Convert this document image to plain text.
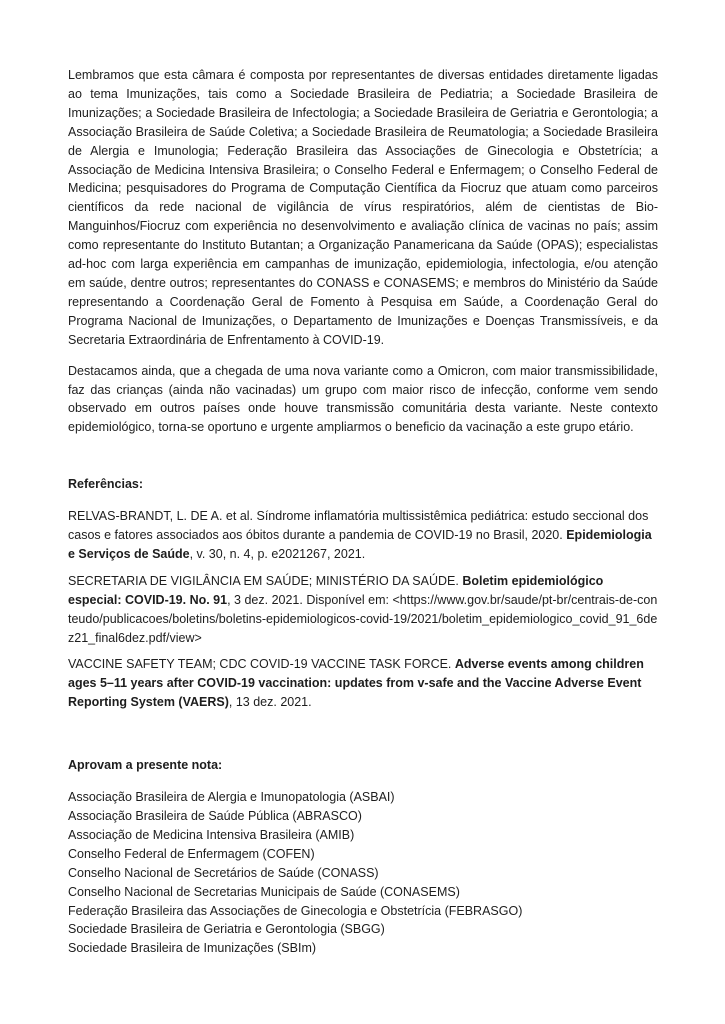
Lembramos que esta câmara é composta por representantes de diversas entidades diretamente ligadas ao tema Imunizações, tais como a Sociedade Brasileira de Pediatria; a Sociedade Brasileira de Imunizações; a Sociedade Brasileira de Infectologia; a Sociedade Brasileira de Geriatria e Gerontologia; a Associação Brasileira de Saúde Coletiva; a Sociedade Brasileira de Reumatologia; a Sociedade Brasileira de Alergia e Imunologia; Federação Brasileira das Associações de Ginecologia e Obstetrícia; a Associação de Medicina Intensiva Brasileira; o Conselho Federal e Enfermagem; o Conselho Federal de Medicina; pesquisadores do Programa de Computação Científica da Fiocruz que atuam como parceiros científicos da rede nacional de vigilância de vírus respiratórios, além de cientistas de Bio-Manguinhos/Fiocruz com experiência no desenvolvimento e avaliação clínica de vacinas no país; assim como representante do Instituto Butantan; a Organização Panamericana da Saúde (OPAS); especialistas ad-hoc com larga experiência em campanhas de imunização, epidemiologia, infectologia, e/ou atenção em saúde, dentre outros; representantes do CONASS e CONASEMS; e membros do Ministério da Saúde representando a Coordenação Geral de Fomento à Pesquisa em Saúde, a Coordenação Geral do Programa Nacional de Imunizações, o Departamento de Imunizações e Doenças Transmissíveis, e da Secretaria Extraordinária de Enfrentamento à COVID-19.

Destacamos ainda, que a chegada de uma nova variante como a Omicron, com maior transmissibilidade, faz das crianças (ainda não vacinadas) um grupo com maior risco de infecção, conforme vem sendo observado em outros países onde houve transmissão comunitária desta variante. Neste contexto epidemiológico, torna-se oportuno e urgente ampliarmos o beneficio da vacinação a este grupo etário.

Referências:

RELVAS-BRANDT, L. DE A. et al. Síndrome inflamatória multissistêmica pediátrica: estudo seccional dos casos e fatores associados aos óbitos durante a pandemia de COVID-19 no Brasil, 2020. Epidemiologia e Serviços de Saúde, v. 30, n. 4, p. e2021267, 2021.

SECRETARIA DE VIGILÂNCIA EM SAÚDE; MINISTÉRIO DA SAÚDE. Boletim epidemiológico especial: COVID-19. No. 91, 3 dez. 2021. Disponível em: <https://www.gov.br/saude/pt-br/centrais-de-conteudo/publicacoes/boletins/boletins-epidemiologicos-covid-19/2021/boletim_epidemiologico_covid_91_6dez21_final6dez.pdf/view>

VACCINE SAFETY TEAM; CDC COVID-19 VACCINE TASK FORCE. Adverse events among children ages 5–11 years after COVID-19 vaccination: updates from v-safe and the Vaccine Adverse Event Reporting System (VAERS), 13 dez. 2021.

Aprovam a presente nota:
Associação Brasileira de Alergia e Imunopatologia (ASBAI)
Associação Brasileira de Saúde Pública (ABRASCO)
Associação de Medicina Intensiva Brasileira (AMIB)
Conselho Federal de Enfermagem (COFEN)
Conselho Nacional de Secretários de Saúde (CONASS)
Conselho Nacional de Secretarias Municipais de Saúde (CONASEMS)
Federação Brasileira das Associações de Ginecologia e Obstetrícia (FEBRASGO)
Sociedade Brasileira de Geriatria e Gerontologia (SBGG)
Sociedade Brasileira de Imunizações (SBIm)
